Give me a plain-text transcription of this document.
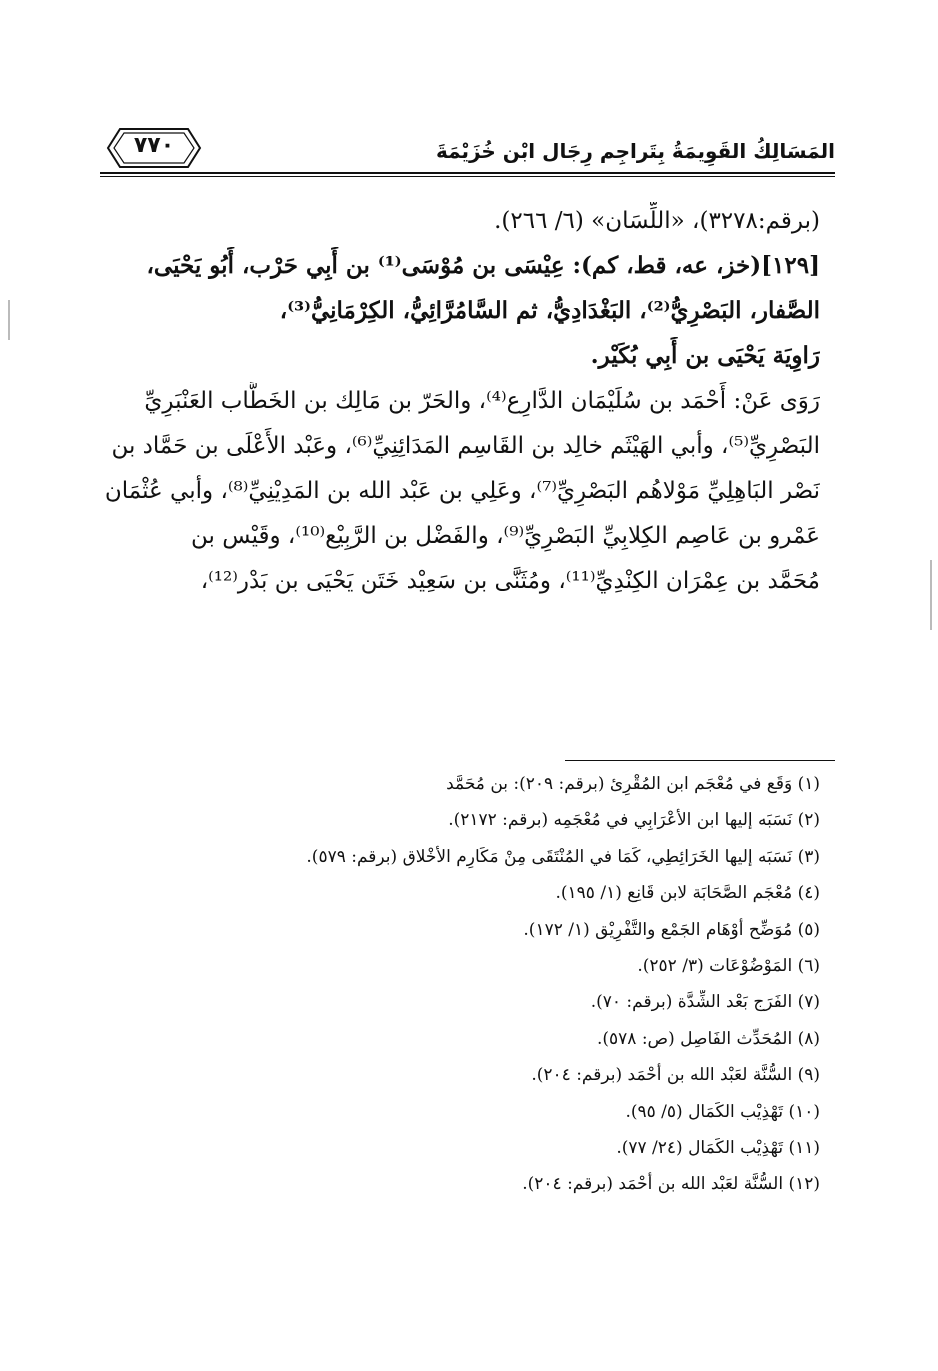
٧٧٠	المَسَالِكُ القَوِيمَةُ بِتَراجِم رِجَال ابْن خُزَيْمَةَ

(برقم:٣٢٧٨)، «اللِّسَان» (٦/ ٢٦٦).

[١٢٩](خز، عه، قط، كم): عِيْسَى بن مُوْسَى⁽¹⁾ بن أَبِي حَرْب، أَبُو يَحْيَى،

الصَّفار، البَصْرِيُّ⁽²⁾، البَغْدَادِيُّ، ثم السَّامُرَّائِيُّ، الكِرْمَانِيُّ⁽³⁾،

رَاوِيَة يَحْيَى بن أَبِي بُكَيْر.

رَوَى عَنْ: أَحْمَد بن سُلَيْمَان الدَّارِع⁽⁴⁾، والحَرّ بن مَالِك بن الخَطَّاب العَنْبَرِيِّ

البَصْرِيِّ⁽⁵⁾، وأبي الهَيْثَم خالِد بن القَاسِم المَدَائِنِيِّ⁽⁶⁾، وعَبْد الأَعْلَى بن حَمَّاد بن

نَصْر البَاهِلِيِّ مَوْلاهُم البَصْرِيِّ⁽⁷⁾، وعَلِي بن عَبْد الله بن المَدِيْنِيِّ⁽⁸⁾، وأبي عُثْمَان

عَمْرو بن عَاصِم الكِلابِيِّ البَصْرِيِّ⁽⁹⁾، والفَضْل بن الرَّبِيْع⁽¹⁰⁾، وقَيْس بن

مُحَمَّد بن عِمْرَان الكِنْدِيِّ⁽¹¹⁾، ومُثَنَّى بن سَعِيْد خَتَن يَحْيَى بن بَدْر⁽¹²⁾،

(١) وَقَع في مُعْجَم ابن المُقْرِئ (برقم: ٢٠٩): بن مُحَمَّد

(٢) نَسَبَه إليها ابن الأَعْرَابِي في مُعْجَمِه (برقم: ٢١٧٢).

(٣) نَسَبَه إليها الخَرَائِطِي، كَمَا في المُنْتَقَى مِنْ مَكَارِم الأَخْلاق (برقم: ٥٧٩).

(٤) مُعْجَم الصَّحَابَة لابن قَانِع (١/ ١٩٥).

(٥) مُوَضِّح أَوْهَام الجَمْع والتَّفْرِيْق (١/ ١٧٢).

(٦) المَوْضُوْعَات (٣/ ٢٥٢).

(٧) الفَرَج بَعْد الشِّدَّة (برقم: ٧٠).

(٨) المُحَدِّث الفَاصِل (ص: ٥٧٨).

(٩) السُّنَّة لعَبْد الله بن أَحْمَد (برقم: ٢٠٤).

(١٠) تَهْذِيْب الكَمَال (٥/ ٩٥).

(١١) تَهْذِيْب الكَمَال (٢٤/ ٧٧).

(١٢) السُّنَّة لعَبْد الله بن أَحْمَد (برقم: ٢٠٤).
